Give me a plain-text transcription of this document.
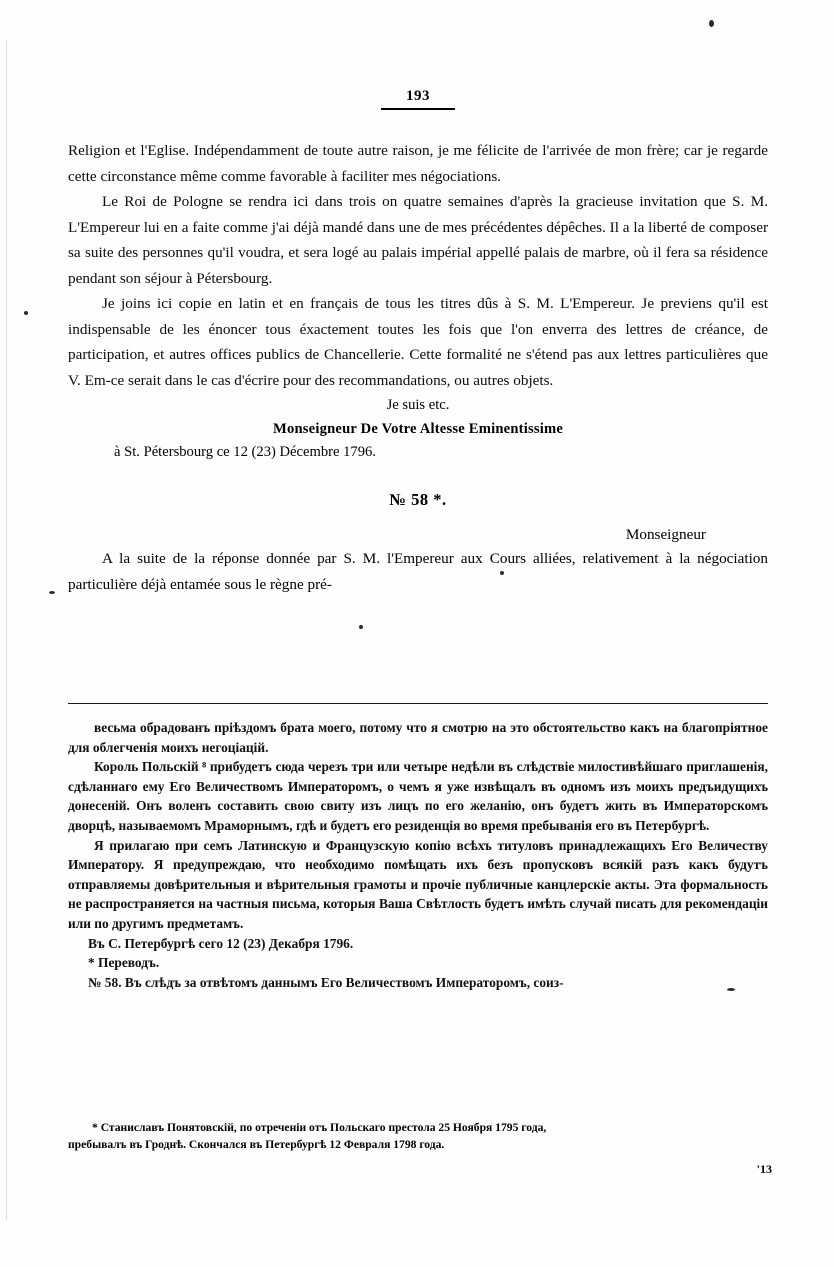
193

Religion et l'Eglise. Indépendamment de toute autre raison, je me félicite de l'arrivée de mon frère; car je regarde cette circonstance même comme favorable à faciliter mes négociations.

Le Roi de Pologne se rendra ici dans trois on quatre semaines d'après la gracieuse invitation que S. M. L'Empereur lui en a faite comme j'ai déjà mandé dans une de mes précédentes dépêches. Il a la liberté de composer sa suite des personnes qu'il voudra, et sera logé au palais impérial appellé palais de marbre, où il fera sa résidence pendant son séjour à Pétersbourg.

Je joins ici copie en latin et en français de tous les titres dûs à S. M. L'Empereur. Je previens qu'il est indispensable de les énoncer tous éxactement toutes les fois que l'on enverra des lettres de créance, de participation, et autres offices publics de Chancellerie. Cette formalité ne s'étend pas aux lettres particulières que V. Em-ce serait dans le cas d'écrire pour des recommandations, ou autres objets.

Je suis etc.
Monseigneur De Votre Altesse Eminentissime
à St. Pétersbourg ce 12 (23) Décembre 1796.
№ 58 *.
Monseigneur

A la suite de la réponse donnée par S. M. l'Empereur aux Cours alliées, relativement à la négociation particulière déjà entamée sous le règne pré-

весьма обрадованъ пріѣздомъ брата моего, потому что я смотрю на это обстоятельство какъ на благопріятное для облегченія моихъ негоціацій.

Король Польскій ⁸ прибудетъ сюда черезъ три или четыре недѣли въ слѣдствіе милостивѣйшаго приглашенія, сдѣланнаго ему Его Величествомъ Императоромъ, о чемъ я уже извѣщалъ въ одномъ изъ моихъ предъидущихъ донесеній. Онъ воленъ составить свою свиту изъ лицъ по его желанію, онъ будетъ жить въ Императорскомъ дворцѣ, называемомъ Мраморнымъ, гдѣ и будетъ его резиденція во время пребыванія его въ Петербургѣ.

Я прилагаю при семъ Латинскую и Французскую копію всѣхъ титуловъ принадлежащихъ Его Величеству Императору. Я предупреждаю, что необходимо помѣщать ихъ безъ пропусковъ всякій разъ какъ будутъ отправляемы довѣрительныя и вѣрительныя грамоты и прочіе публичные канцлерскіе акты. Эта формальность не распространяется на частныя письма, которыя Ваша Свѣтлость будетъ имѣть случай писать для рекомендаціи или по другимъ предметамъ.

Въ С. Петербургѣ сего 12 (23) Декабря 1796.

* Переводъ.

№ 58. Въ слѣдъ за отвѣтомъ даннымъ Его Величествомъ Императоромъ, соиз-

* Станиславъ Понятовскій, по отреченіи отъ Польскаго престола 25 Ноября 1795 года,

пребывалъ въ Гроднѣ. Скончался въ Петербургѣ 12 Февраля 1798 года.

'13
